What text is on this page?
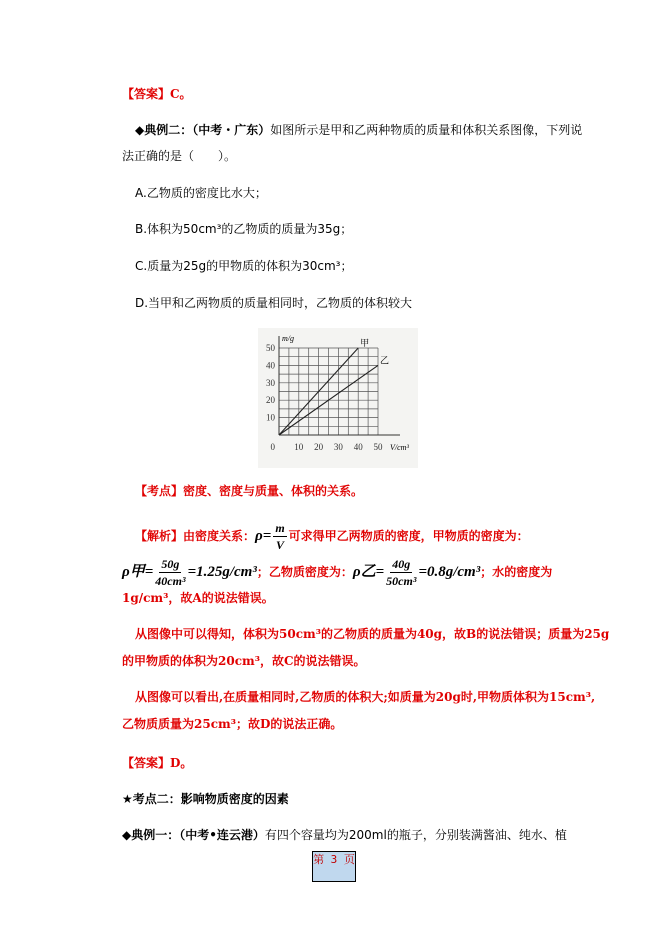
【答案】C。
◆典例二：（中考・广东）如图所示是甲和乙两种物质的质量和体积关系图像，下列说
法正确的是（　　）。
A.乙物质的密度比水大；
B.体积为50cm³的乙物质的质量为35g；
C.质量为25g的甲物质的体积为30cm³；
D.当甲和乙两物质的质量相同时，乙物质的体积较大
m/g
V/cm³
0 10 20 30 40 50
10
20
30
40
50	甲
乙
【考点】密度、密度与质量、体积的关系。
【解析】由密度关系：$\rho= \frac{m}{V}$ 可求得甲乙两物质的密度，甲物质的密度为：
ρ甲= $\frac{50g}{\text{40cm³}} =1.25g/cm^3$；乙物质密度为：ρ乙= $\frac{40g}{\text{50cm³}} =0.8g/cm^3$；水的密度为
1g/cm³，故A的说法错误。
从图像中可以得知，体积为50cm³的乙物质的质量为40g，故B的说法错误；质量为25g
的甲物质的体积为20cm³，故C的说法错误。
从图像可以看出,在质量相同时,乙物质的体积大;如质量为20g时,甲物质体积为15cm³,
乙物质质量为25cm³；故D的说法正确。
【答案】D。
★考点二：影响物质密度的因素
◆典例一：（中考•连云港）有四个容量均为200ml的瓶子，分别装满酱油、纯水、植
第 3 页
